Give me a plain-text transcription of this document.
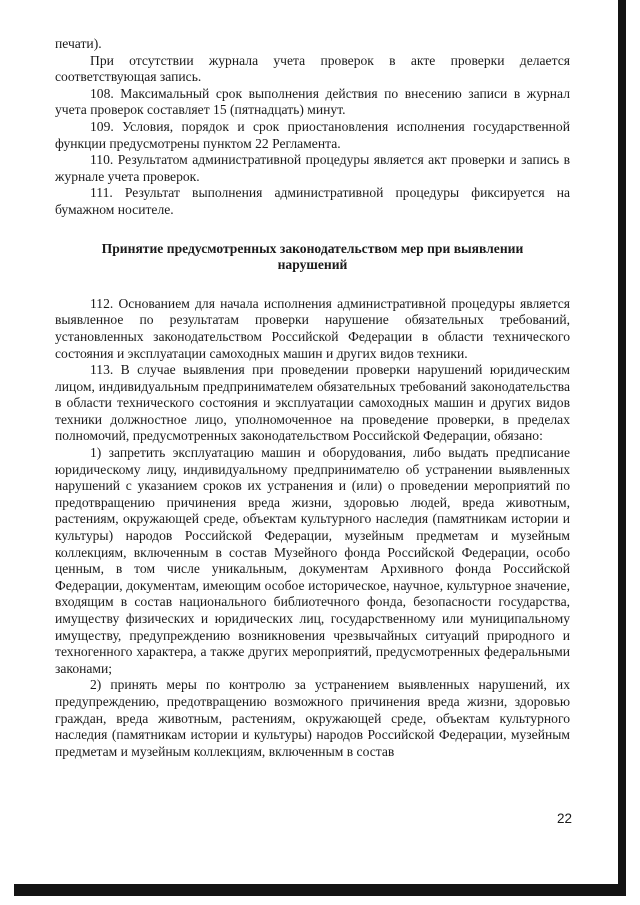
печати).

При отсутствии журнала учета проверок в акте проверки делается соответствующая запись.

108. Максимальный срок выполнения действия по внесению записи в журнал учета проверок составляет 15 (пятнадцать) минут.

109. Условия, порядок и срок приостановления исполнения государственной функции предусмотрены пунктом 22 Регламента.

110. Результатом административной процедуры является акт проверки и запись в журнале учета проверок.

111. Результат выполнения административной процедуры фиксируется на бумажном носителе.

Принятие предусмотренных законодательством мер при выявлении нарушений

112. Основанием для начала исполнения административной процедуры является выявленное по результатам проверки нарушение обязательных требований, установленных законодательством Российской Федерации в области технического состояния и эксплуатации самоходных машин и других видов техники.

113. В случае выявления при проведении проверки нарушений юридическим лицом, индивидуальным предпринимателем обязательных требований законодательства в области технического состояния и эксплуатации самоходных машин и других видов техники должностное лицо, уполномоченное на проведение проверки, в пределах полномочий, предусмотренных законодательством Российской Федерации, обязано:

1) запретить эксплуатацию машин и оборудования, либо выдать предписание юридическому лицу, индивидуальному предпринимателю об устранении выявленных нарушений с указанием сроков их устранения и (или) о проведении мероприятий по предотвращению причинения вреда жизни, здоровью людей, вреда животным, растениям, окружающей среде, объектам культурного наследия (памятникам истории и культуры) народов Российской Федерации, музейным предметам и музейным коллекциям, включенным в состав Музейного фонда Российской Федерации, особо ценным, в том числе уникальным, документам Архивного фонда Российской Федерации, документам, имеющим особое историческое, научное, культурное значение, входящим в состав национального библиотечного фонда, безопасности государства, имуществу физических и юридических лиц, государственному или муниципальному имуществу, предупреждению возникновения чрезвычайных ситуаций природного и техногенного характера, а также других мероприятий, предусмотренных федеральными законами;

2) принять меры по контролю за устранением выявленных нарушений, их предупреждению, предотвращению возможного причинения вреда жизни, здоровью граждан, вреда животным, растениям, окружающей среде, объектам культурного наследия (памятникам истории и культуры) народов Российской Федерации, музейным предметам и музейным коллекциям, включенным в состав

22
